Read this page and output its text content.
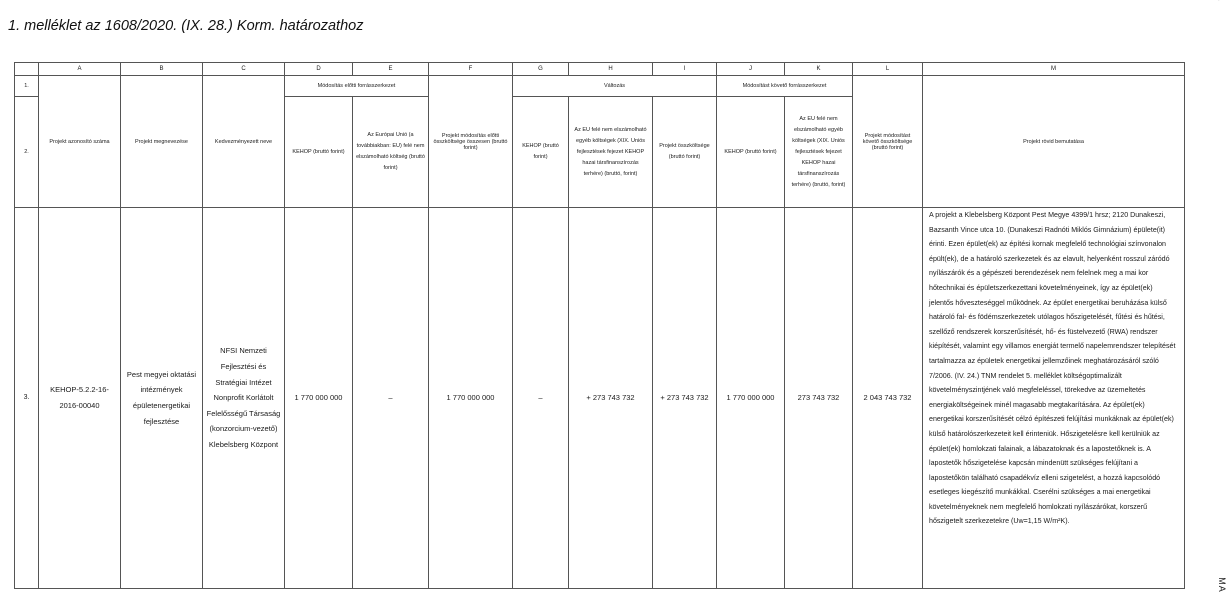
1. melléklet az 1608/2020. (IX. 28.) Korm. határozathoz
MA
	A	B	C	D	E	F	G	H	I	J	K	L	M
1.	Projekt azonosító száma	Projekt megnevezése	Kedvezményezett neve	Módosítás előtti forrásszerkezet		Projekt módosítás előtti összköltsége összesen (bruttó forint)	Változás			Módosítást követő forrásszerkezet		Projekt módosítást követő összköltsége (bruttó forint)	Projekt rövid bemutatása
2.				KEHOP (bruttó forint)	Az Európai Unió (a továbbiakban: EU) felé nem elszámolható költség (bruttó forint)		KEHOP (bruttó forint)	Az EU felé nem elszámolható egyéb költségek (XIX. Uniós fejlesztések fejezet KEHOP hazai társfinanszírozás terhére) (bruttó, forint)	Projekt összköltsége (bruttó forint)	KEHOP (bruttó forint)	Az EU felé nem elszámolható egyéb költségek (XIX. Uniós fejlesztések fejezet KEHOP hazai társfinanszírozás terhére) (bruttó, forint)		
3.	KEHOP-5.2.2-16-2016-00040	Pest megyei oktatási intézmények épületenergetikai fejlesztése	NFSI Nemzeti Fejlesztési és Stratégiai Intézet Nonprofit Korlátolt Felelősségű Társaság (konzorcium-vezető) Klebelsberg Központ	1 770 000 000	–	1 770 000 000	–	+ 273 743 732	+ 273 743 732	1 770 000 000	273 743 732	2 043 743 732	A projekt a Klebelsberg Központ Pest Megye 4399/1 hrsz; 2120 Dunakeszi, Bazsanth Vince utca 10. (Dunakeszi Radnóti Miklós Gimnázium) épülete(it) érinti. Ezen épület(ek) az építési kornak megfelelő technológiai színvonalon épült(ek), de a határoló szerkezetek és az elavult, helyenként rosszul záródó nyílászárók és a gépészeti berendezések nem felelnek meg a mai kor hőtechnikai és épületszerkezettani követelményeinek, így az épület(ek) jelentős hőveszteséggel működnek. Az épület energetikai beruházása külső határoló fal- és födémszerkezetek utólagos hőszigetelését, fűtési és hűtési, szellőző rendszerek korszerűsítését, hő- és füstelvezető (RWA) rendszer kiépítését, valamint egy villamos energiát termelő napelemrendszer telepítését tartalmazza az épületek energetikai jellemzőinek meghatározásáról szóló 7/2006. (IV. 24.) TNM rendelet 5. melléklet költségoptimalizált követelményszintjének való megfeleléssel, törekedve az üzemeltetés energiaköltségeinek minél magasabb megtakarítására. Az épület(ek) energetikai korszerűsítését célzó építészeti felújítási munkáknak az épület(ek) külső határolószerkezeteit kell érinteniük. Hőszigetelésre kell kerülniük az épület(ek) homlokzati falainak, a lábazatoknak és a lapostetőknek is. A lapostetők hőszigetelése kapcsán mindenütt szükséges felújítani a lapostetőkön található csapadékvíz elleni szigetelést, a hozzá kapcsolódó esetleges kiegészítő munkákkal. Cserélni szükséges a mai energetikai követelményeknek nem megfelelő homlokzati nyílászárókat, korszerű hőszigetelt szerkezetekre (Uw=1,15 W/m²K).
